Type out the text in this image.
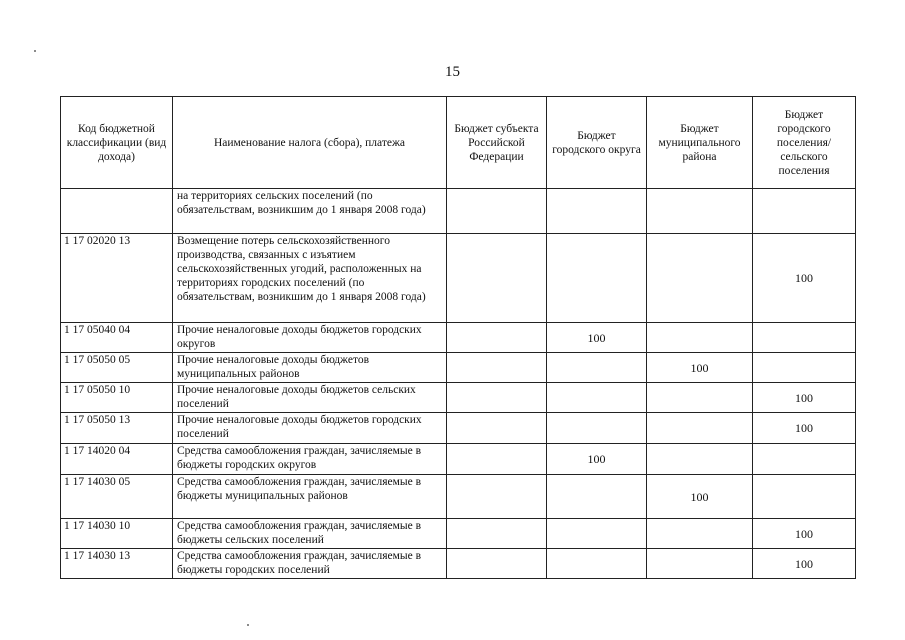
15
Код бюджетной классификации (вид дохода)	Наименование налога (сбора), платежа	Бюджет субъекта Российской Федерации	Бюджет городского округа	Бюджет муниципального района	Бюджет городского поселения/ сельского поселения
	на территориях сельских поселений (по обязательствам, возникшим до 1 января 2008 года)				
1 17 02020 13	Возмещение потерь сельскохозяйственного производства, связанных с изъятием сельскохозяйственных угодий, расположенных на территориях городских поселений (по обязательствам, возникшим до 1 января 2008 года)				100
1 17 05040 04	Прочие неналоговые доходы бюджетов городских округов		100		
1 17 05050 05	Прочие неналоговые доходы бюджетов муниципальных районов			100	
1 17 05050 10	Прочие неналоговые доходы бюджетов сельских поселений				100
1 17 05050 13	Прочие неналоговые доходы бюджетов городских поселений				100
1 17 14020 04	Средства самообложения граждан, зачисляемые в бюджеты городских округов		100		
1 17 14030 05	Средства самообложения граждан, зачисляемые в бюджеты муниципальных районов			100	
1 17 14030 10	Средства самообложения граждан, зачисляемые в бюджеты сельских поселений				100
1 17 14030 13	Средства самообложения граждан, зачисляемые в бюджеты городских поселений				100
